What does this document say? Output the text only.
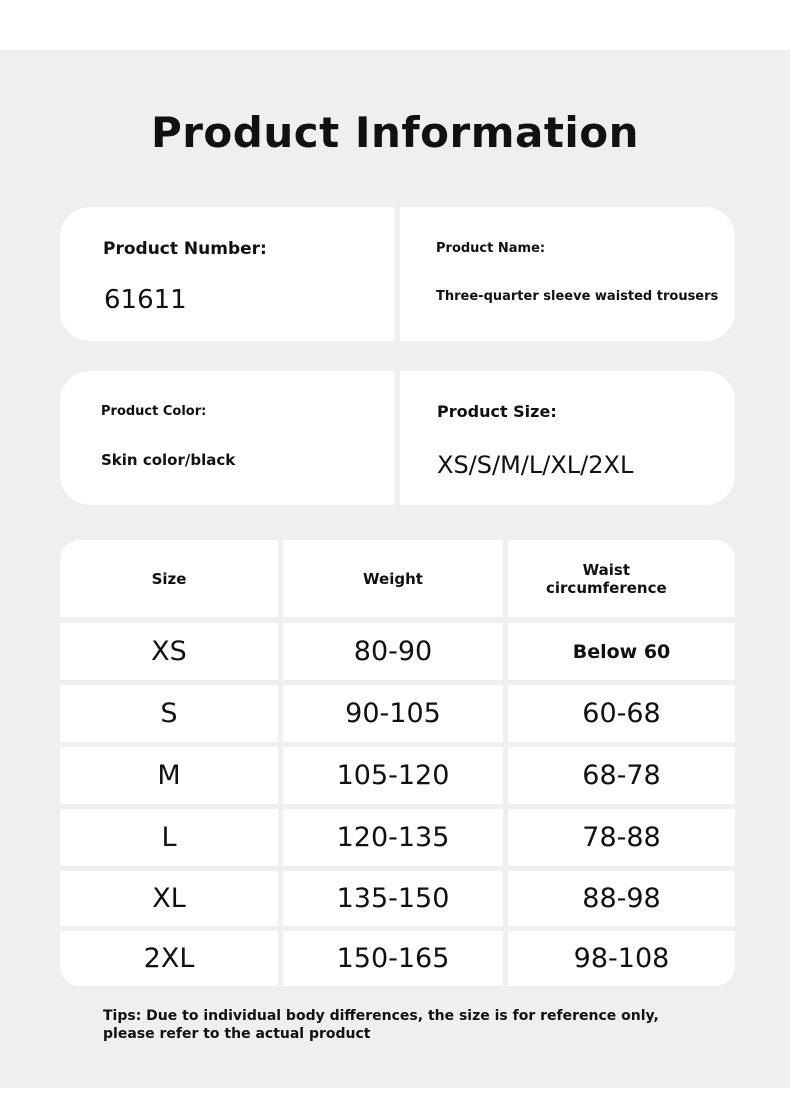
Product Information
Product Number:
61611
Product Name:
Three-quarter sleeve waisted trousers
Product Color:
Skin color/black
Product Size:
XS/S/M/L/XL/2XL
Size	Weight	Waist
circumference
XS	80-90	Below 60
S	90-105	60-68
M	105-120	68-78
L	120-135	78-88
XL	135-150	88-98
2XL	150-165	98-108

Tips: Due to individual body differences, the size is for reference only, please refer to the actual product
